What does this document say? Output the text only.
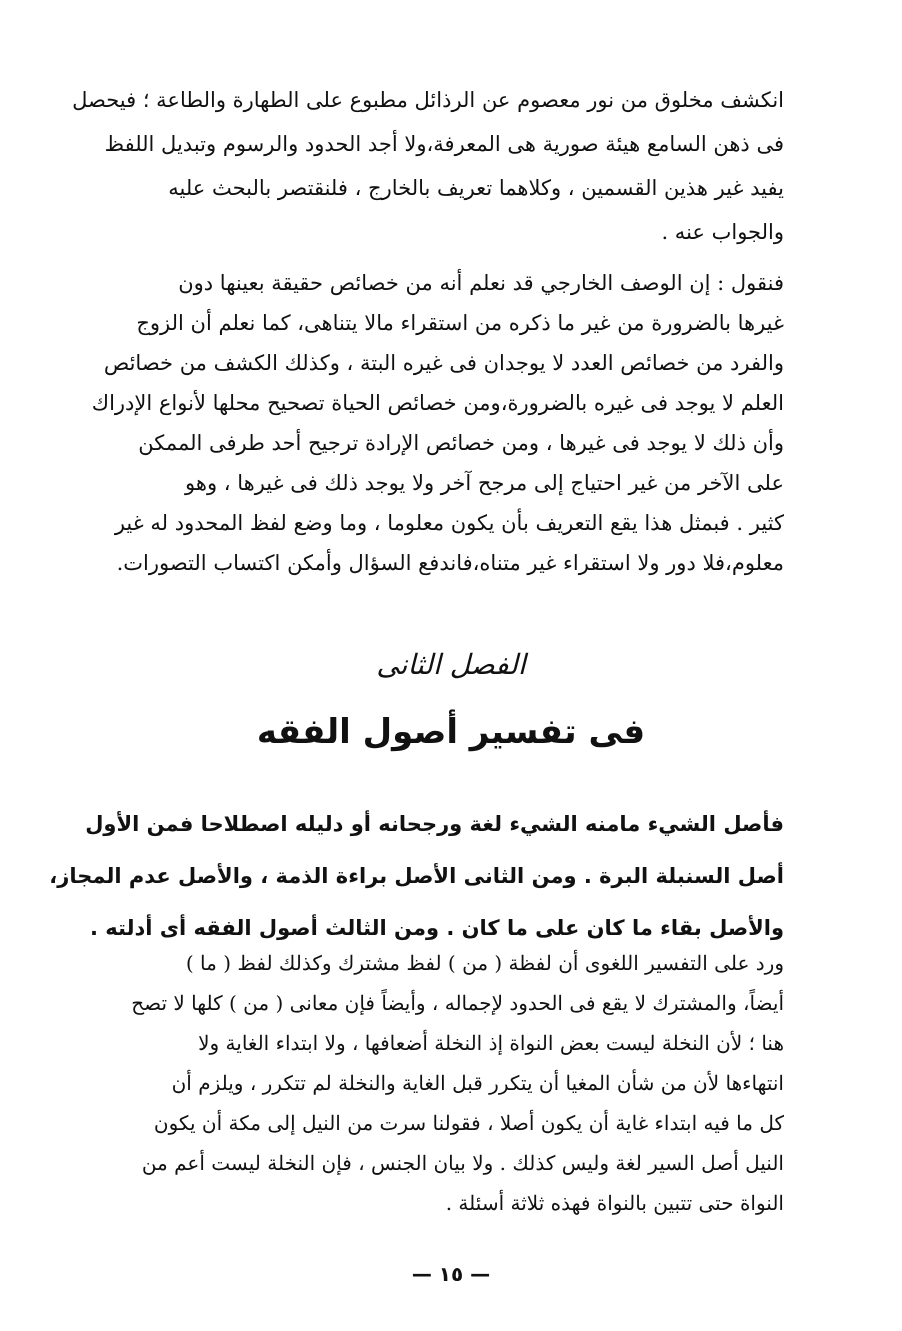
انكشف مخلوق من نور معصوم عن الرذائل مطبوع على الطهارة والطاعة ؛ فيحصل
فى ذهن السامع هيئة صورية هى المعرفة،ولا أجد الحدود والرسوم وتبديل اللفظ
يفيد غير هذين القسمين ، وكلاهما تعريف بالخارج ، فلنقتصر بالبحث عليه
والجواب عنه .
فنقول : إن الوصف الخارجي قد نعلم أنه من خصائص حقيقة بعينها دون
غيرها بالضرورة من غير ما ذكره من استقراء مالا يتناهى، كما نعلم أن الزوج
والفرد من خصائص العدد لا يوجدان فى غيره البتة ، وكذلك الكشف من خصائص
العلم لا يوجد فى غيره بالضرورة،ومن خصائص الحياة تصحيح محلها لأنواع الإدراك
وأن ذلك لا يوجد فى غيرها ، ومن خصائص الإرادة ترجيح أحد طرفى الممكن
على الآخر من غير احتياج إلى مرجح آخر ولا يوجد ذلك فى غيرها ، وهو
كثير . فبمثل هذا يقع التعريف بأن يكون معلوما ، وما وضع لفظ المحدود له غير
معلوم،فلا دور ولا استقراء غير متناه،فاندفع السؤال وأمكن اكتساب التصورات.
الفصل الثانى
فى تفسير أصول الفقه
فأصل الشيء مامنه الشيء لغة ورجحانه أو دليله اصطلاحا فمن الأول
أصل السنبلة البرة . ومن الثانى الأصل براءة الذمة ، والأصل عدم المجاز،
والأصل بقاء ما كان على ما كان . ومن الثالث أصول الفقه أى أدلته .
ورد على التفسير اللغوى أن لفظة ( من ) لفظ مشترك وكذلك لفظ ( ما )
أيضاً، والمشترك لا يقع فى الحدود لإجماله ، وأيضاً فإن معانى ( من ) كلها لا تصح
هنا ؛ لأن النخلة ليست بعض النواة إذ النخلة أضعافها ، ولا ابتداء الغاية ولا
انتهاءها لأن من شأن المغيا أن يتكرر قبل الغاية والنخلة لم تتكرر ، ويلزم أن
كل ما فيه ابتداء غاية أن يكون أصلا ، فقولنا سرت من النيل إلى مكة أن يكون
النيل أصل السير لغة وليس كذلك . ولا بيان الجنس ، فإن النخلة ليست أعم من
النواة حتى تتبين بالنواة فهذه ثلاثة أسئلة .
— ١٥ —
